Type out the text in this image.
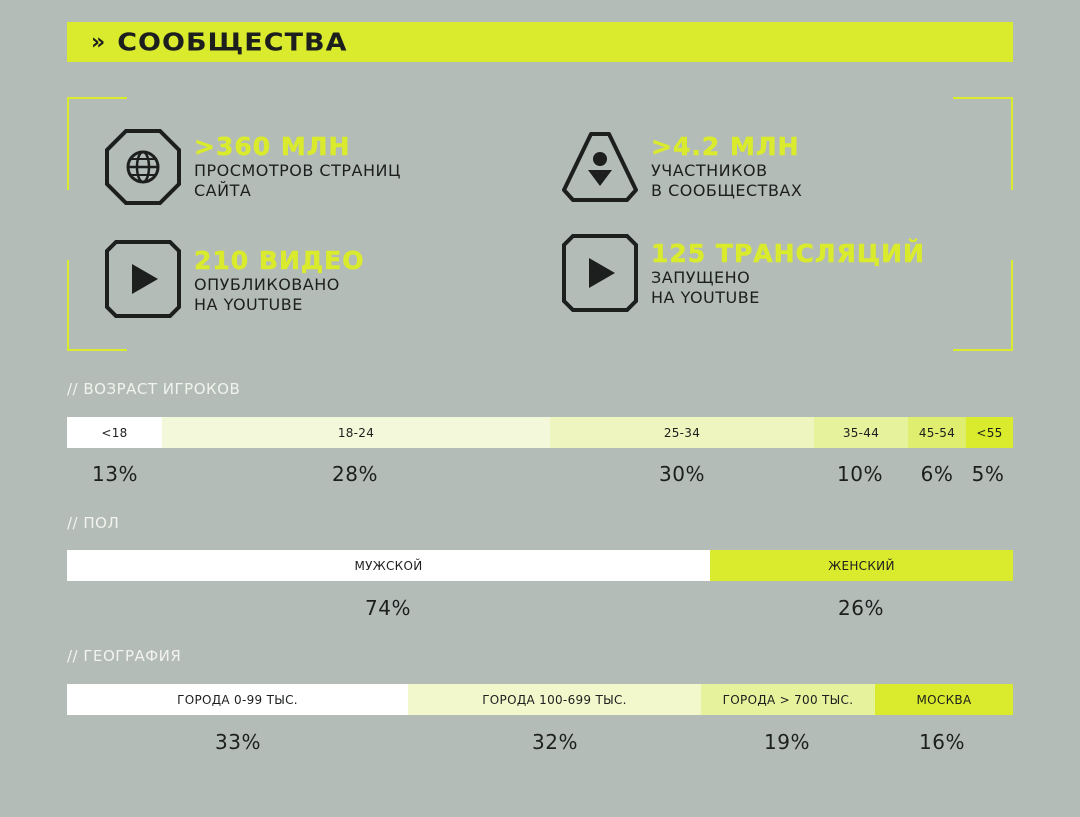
» СООБЩЕСТВА
>360 МЛН
ПРОСМОТРОВ СТРАНИЦ
САЙТА
>4.2 МЛН
УЧАСТНИКОВ
В СООБЩЕСТВАХ
210 ВИДЕО
ОПУБЛИКОВАНО
НА YOUTUBE
125 ТРАНСЛЯЦИЙ
ЗАПУЩЕНО
НА YOUTUBE
// ВОЗРАСТ ИГРОКОВ
<18	18-24	25-34	35-44	45-54	<55
13%	28%	30%	10% 6% 5%
// ПОЛ
МУЖСКОЙ	ЖЕНСКИЙ
74%	26%
// ГЕОГРАФИЯ
ГОРОДА 0-99 ТЫС.	ГОРОДА 100-699 ТЫС.	ГОРОДА > 700 ТЫС.	МОСКВА
33%	32%	19%	16%
